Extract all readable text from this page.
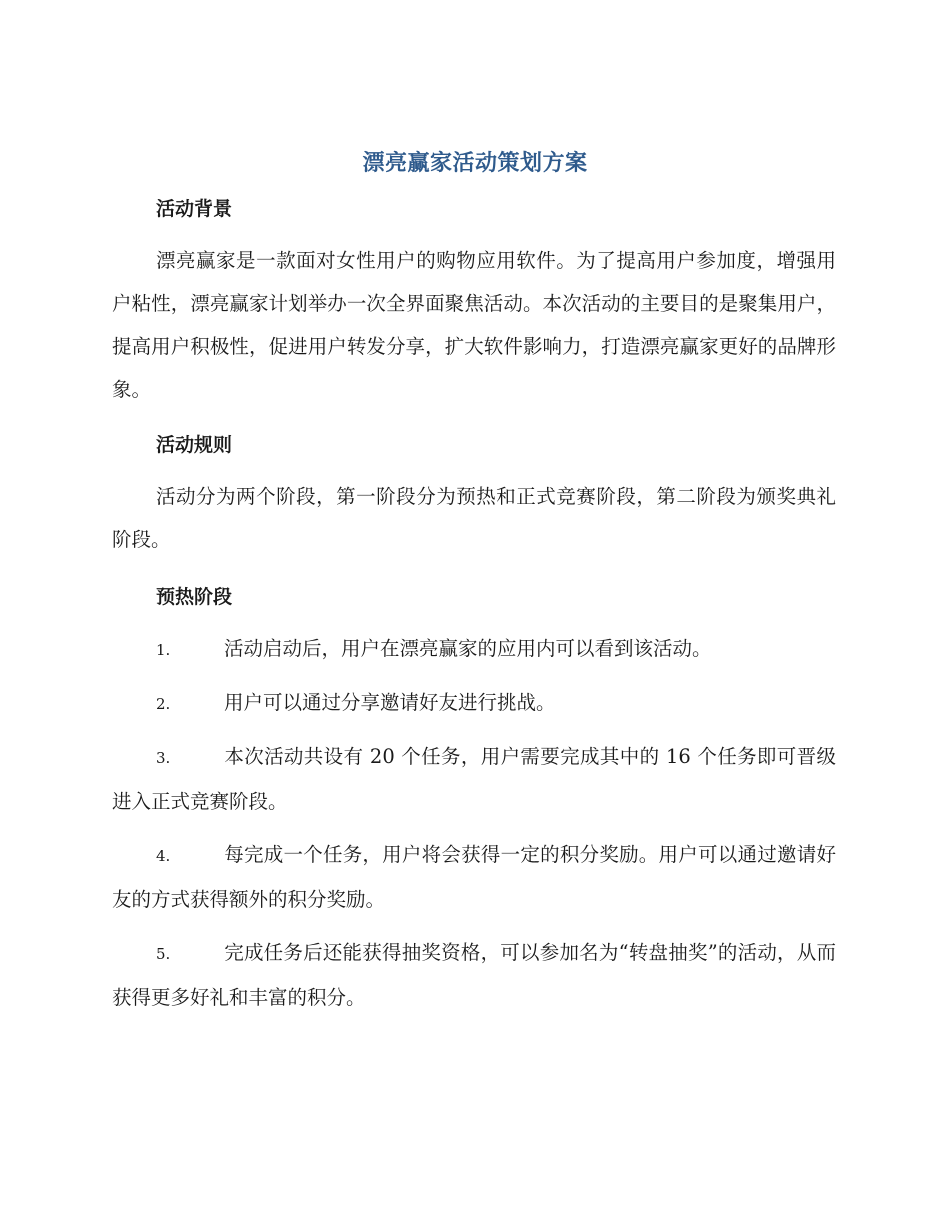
漂亮赢家活动策划方案
活动背景

漂亮赢家是一款面对女性用户的购物应用软件。为了提高用户参加度，增强用户粘性，漂亮赢家计划举办一次全界面聚焦活动。本次活动的主要目的是聚集用户，提高用户积极性，促进用户转发分享，扩大软件影响力，打造漂亮赢家更好的品牌形象。

活动规则

活动分为两个阶段，第一阶段分为预热和正式竞赛阶段，第二阶段为颁奖典礼阶段。

预热阶段

1.	活动启动后，用户在漂亮赢家的应用内可以看到该活动。

2.	用户可以通过分享邀请好友进行挑战。

3.	本次活动共设有 20 个任务，用户需要完成其中的 16 个任务即可晋级进入正式竞赛阶段。

4.	每完成一个任务，用户将会获得一定的积分奖励。用户可以通过邀请好友的方式获得额外的积分奖励。

5.	完成任务后还能获得抽奖资格，可以参加名为“转盘抽奖”的活动，从而获得更多好礼和丰富的积分。
